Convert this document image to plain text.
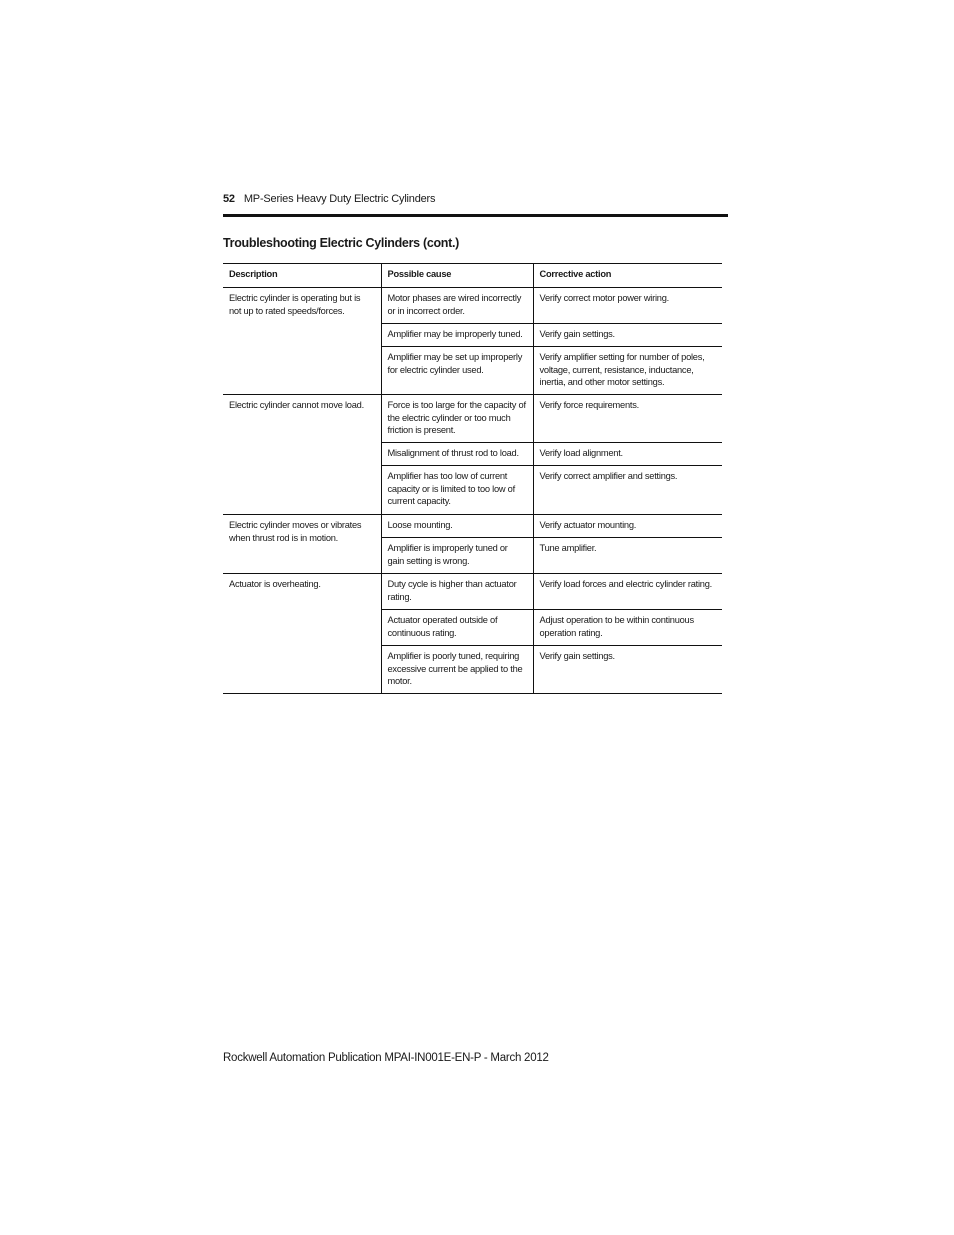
52 MP-Series Heavy Duty Electric Cylinders
Troubleshooting Electric Cylinders (cont.)
Description	Possible cause	Corrective action
Electric cylinder is operating but is not up to rated speeds/forces.	Motor phases are wired incorrectly or in incorrect order.	Verify correct motor power wiring.
	Amplifier may be improperly tuned.	Verify gain settings.
	Amplifier may be set up improperly for electric cylinder used.	Verify amplifier setting for number of poles, voltage, current, resistance, inductance, inertia, and other motor settings.
Electric cylinder cannot move load.	Force is too large for the capacity of the electric cylinder or too much friction is present.	Verify force requirements.
	Misalignment of thrust rod to load.	Verify load alignment.
	Amplifier has too low of current capacity or is limited to too low of current capacity.	Verify correct amplifier and settings.
Electric cylinder moves or vibrates when thrust rod is in motion.	Loose mounting.	Verify actuator mounting.
	Amplifier is improperly tuned or gain setting is wrong.	Tune amplifier.
Actuator is overheating.	Duty cycle is higher than actuator rating.	Verify load forces and electric cylinder rating.
	Actuator operated outside of continuous rating.	Adjust operation to be within continuous operation rating.
	Amplifier is poorly tuned, requiring excessive current be applied to the motor.	Verify gain settings.
Rockwell Automation Publication MPAI-IN001E-EN-P - March 2012
